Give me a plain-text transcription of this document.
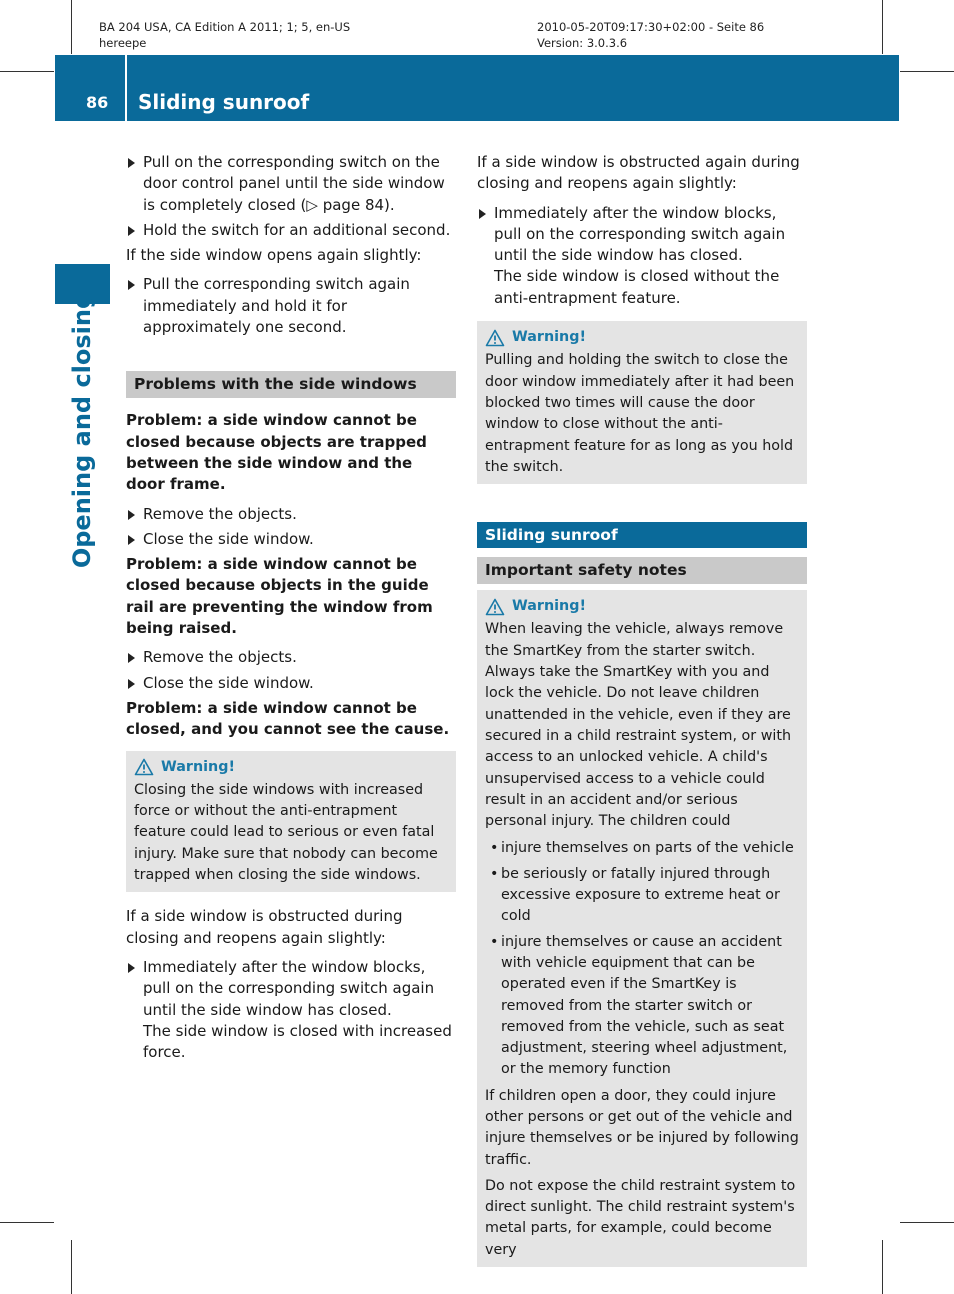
BA 204 USA, CA Edition A 2011; 1; 5, en-US
hereepe
2010-05-20T09:17:30+02:00 - Seite 86
Version: 3.0.3.6
86 Sliding sunroof
Opening and closing
Pull on the corresponding switch on the door control panel until the side window is completely closed (▷ page 84).
Hold the switch for an additional second.
If the side window opens again slightly:
Pull the corresponding switch again immediately and hold it for approximately one second.
Problems with the side windows
Problem: a side window cannot be closed because objects are trapped between the side window and the door frame.
Remove the objects.
Close the side window.
Problem: a side window cannot be closed because objects in the guide rail are preventing the window from being raised.
Remove the objects.
Close the side window.
Problem: a side window cannot be closed, and you cannot see the cause.
Warning!
Closing the side windows with increased force or without the anti-entrapment feature could lead to serious or even fatal injury. Make sure that nobody can become trapped when closing the side windows.
If a side window is obstructed during closing and reopens again slightly:
Immediately after the window blocks, pull on the corresponding switch again until the side window has closed.
The side window is closed with increased force.
If a side window is obstructed again during closing and reopens again slightly:
Immediately after the window blocks, pull on the corresponding switch again until the side window has closed.
The side window is closed without the anti-entrapment feature.
Warning!
Pulling and holding the switch to close the door window immediately after it had been blocked two times will cause the door window to close without the anti-entrapment feature for as long as you hold the switch.
Sliding sunroof
Important safety notes
Warning!
When leaving the vehicle, always remove the SmartKey from the starter switch. Always take the SmartKey with you and lock the vehicle. Do not leave children unattended in the vehicle, even if they are secured in a child restraint system, or with access to an unlocked vehicle. A child's unsupervised access to a vehicle could result in an accident and/or serious personal injury. The children could
• injure themselves on parts of the vehicle
• be seriously or fatally injured through excessive exposure to extreme heat or cold
• injure themselves or cause an accident with vehicle equipment that can be operated even if the SmartKey is removed from the starter switch or removed from the vehicle, such as seat adjustment, steering wheel adjustment, or the memory function
If children open a door, they could injure other persons or get out of the vehicle and injure themselves or be injured by following traffic.
Do not expose the child restraint system to direct sunlight. The child restraint system's metal parts, for example, could become very
